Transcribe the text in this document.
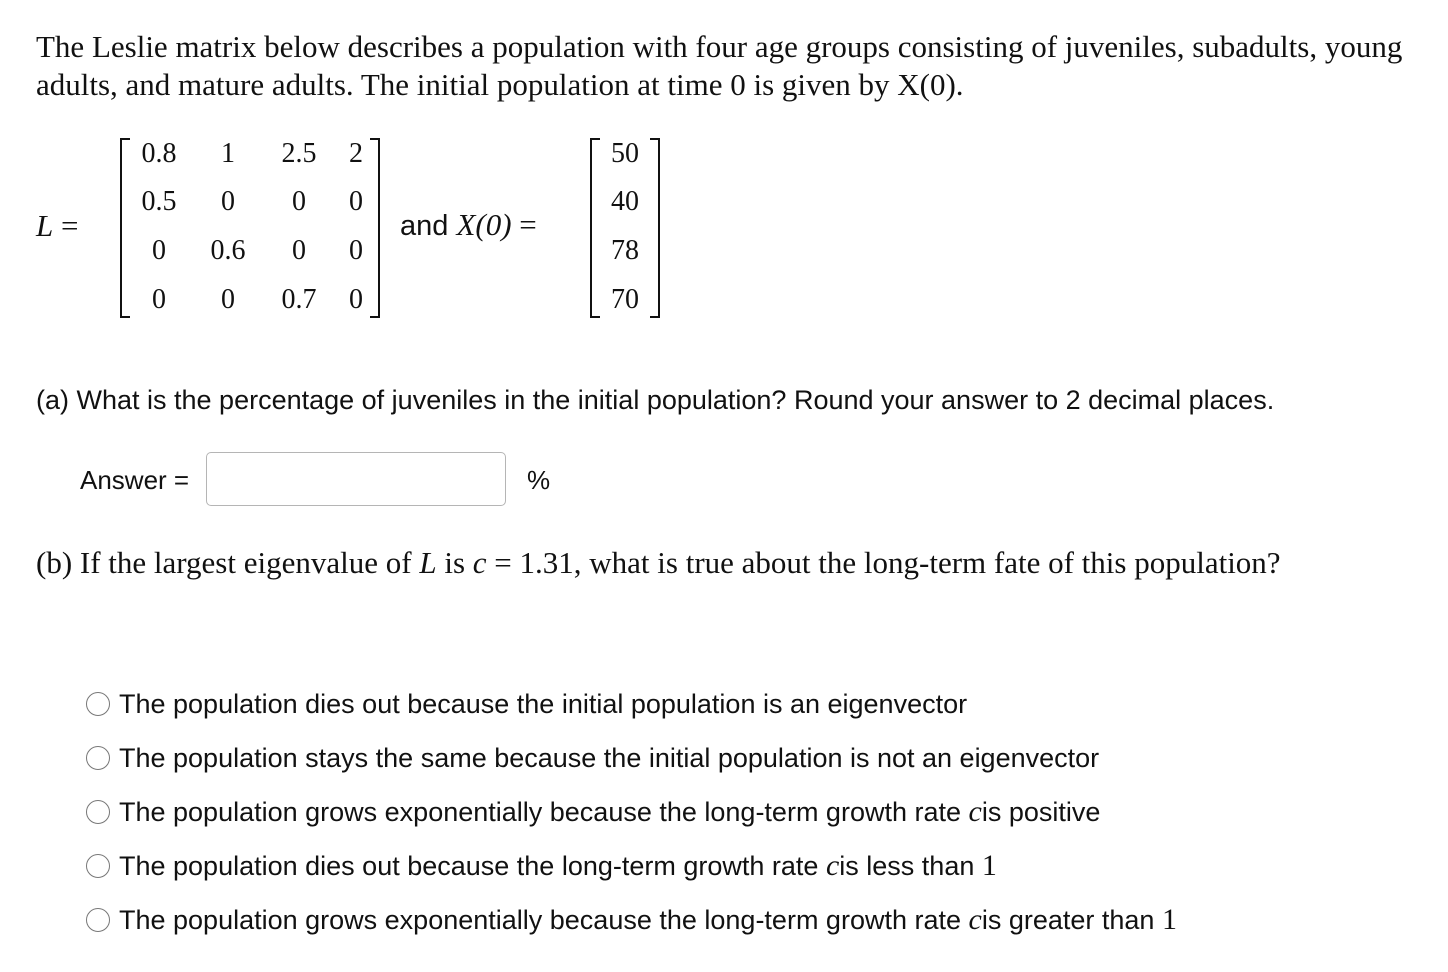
The Leslie matrix below describes a population with four age groups consisting of juveniles, subadults, young adults, and mature adults. The initial population at time 0 is given by X(0).
L =
0.8	1	2.5	2
0.5	0	0	0
0	0.6	0	0
0	0	0.7	0
and X(0) =
50
40
78
70
(a) What is the percentage of juveniles in the initial population? Round your answer to 2 decimal places.
Answer =	%
(b) If the largest eigenvalue of L is c = 1.31, what is true about the long-term fate of this population?
The population dies out because the initial population is an eigenvector
The population stays the same because the initial population is not an eigenvector
The population grows exponentially because the long-term growth rate
c is positive
The population dies out because the long-term growth rate
c is less than
1
The population grows exponentially because the long-term growth rate
c is greater than
1
